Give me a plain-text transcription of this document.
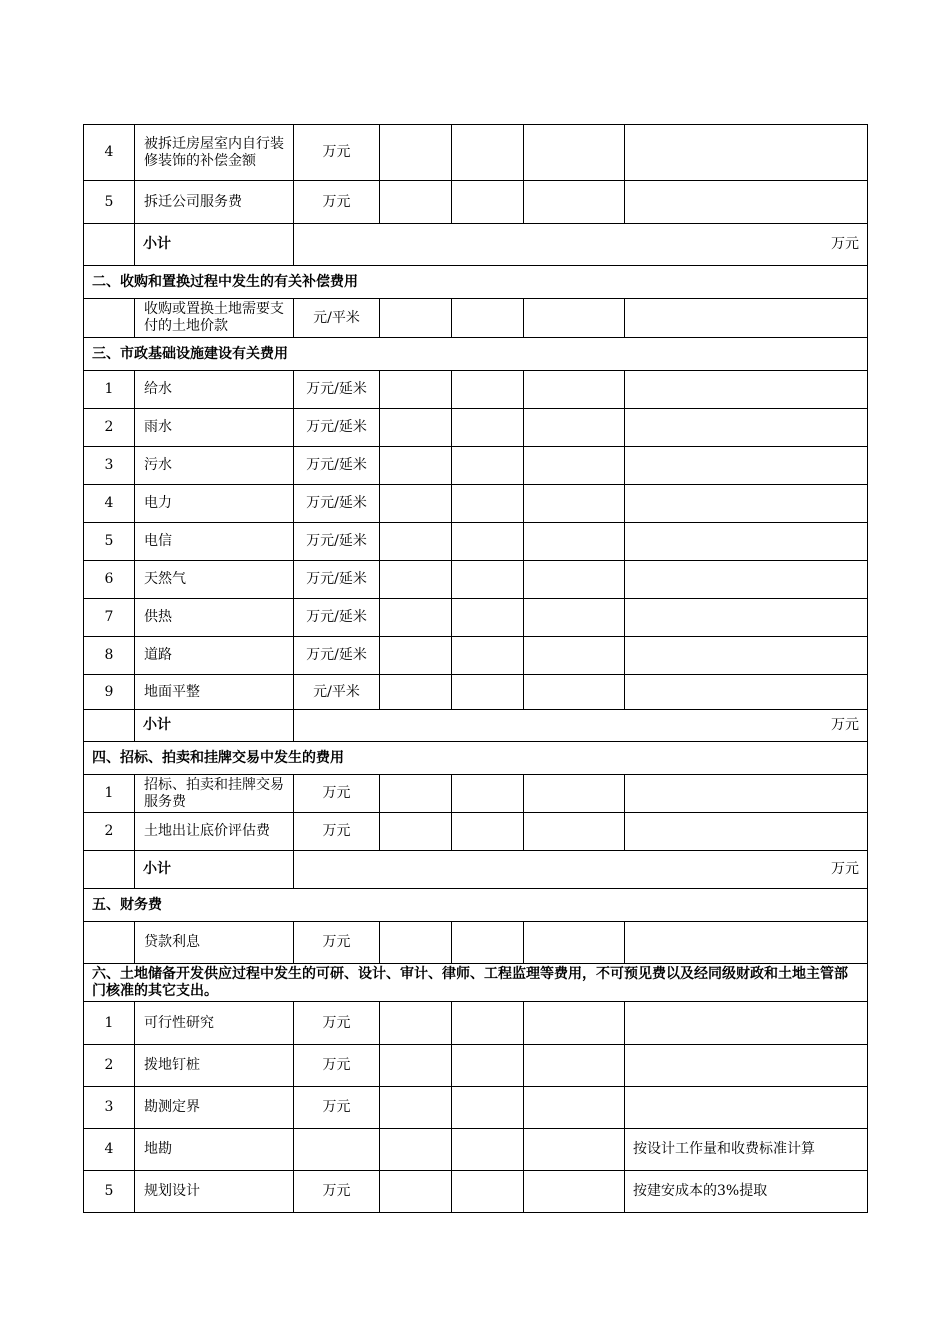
4	被拆迁房屋室内自行装修装饰的补偿金额	万元				
5	拆迁公司服务费	万元				
	小计	万元				
二、收购和置换过程中发生的有关补偿费用						
	收购或置换土地需要支付的土地价款	元/平米				
三、市政基础设施建设有关费用						
1	给水	万元/延米				
2	雨水	万元/延米				
3	污水	万元/延米				
4	电力	万元/延米				
5	电信	万元/延米				
6	天然气	万元/延米				
7	供热	万元/延米				
8	道路	万元/延米				
9	地面平整	元/平米				
	小计	万元				
四、招标、拍卖和挂牌交易中发生的费用						
1	招标、拍卖和挂牌交易服务费	万元				
2	土地出让底价评估费	万元				
	小计	万元				
五、财务费						
	贷款利息	万元				
六、土地储备开发供应过程中发生的可研、设计、审计、律师、工程监理等费用，不可预见费以及经同级财政和土地主管部门核准的其它支出。						
1	可行性研究	万元				
2	拨地钉桩	万元				
3	勘测定界	万元				
4	地勘					按设计工作量和收费标准计算
5	规划设计	万元				按建安成本的3%提取
